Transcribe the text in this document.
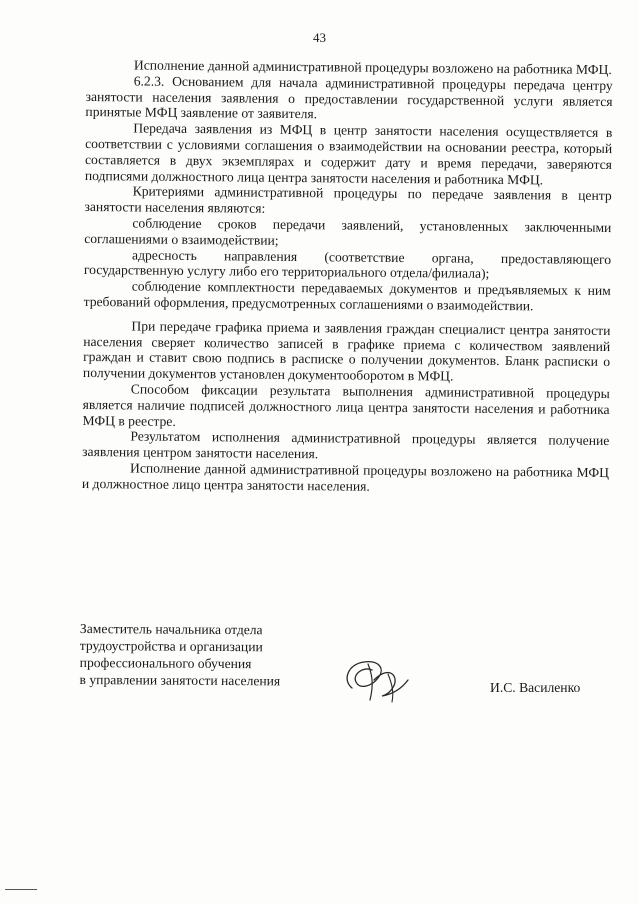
43

Исполнение данной административной процедуры возложено на работника МФЦ.

6.2.3. Основанием для начала административной процедуры передача центру занятости населения заявления о предоставлении государственной услуги является принятые МФЦ заявление от заявителя.

Передача заявления из МФЦ в центр занятости населения осуществляется в соответствии с условиями соглашения о взаимодействии на основании реестра, который составляется в двух экземплярах и содержит дату и время передачи, заверяются подписями должностного лица центра занятости населения и работника МФЦ.

Критериями административной процедуры по передаче заявления в центр занятости населения являются:

соблюдение сроков передачи заявлений, установленных заключенными соглашениями о взаимодействии;

адресность направления (соответствие органа, предоставляющего государственную услугу либо его территориального отдела/филиала);

соблюдение комплектности передаваемых документов и предъявляемых к ним требований оформления, предусмотренных соглашениями о взаимодействии.

При передаче графика приема и заявления граждан специалист центра занятости населения сверяет количество записей в графике приема с количеством заявлений граждан и ставит свою подпись в расписке о получении документов. Бланк расписки о получении документов установлен документооборотом в МФЦ.

Способом фиксации результата выполнения административной процедуры является наличие подписей должностного лица центра занятости населения и работника МФЦ в реестре.

Результатом исполнения административной процедуры является получение заявления центром занятости населения.

Исполнение данной административной процедуры возложено на работника МФЦ и должностное лицо центра занятости населения.

Заместитель начальника отдела
трудоустройства и организации
профессионального обучения
в управлении занятости населения	И.С. Василенко
